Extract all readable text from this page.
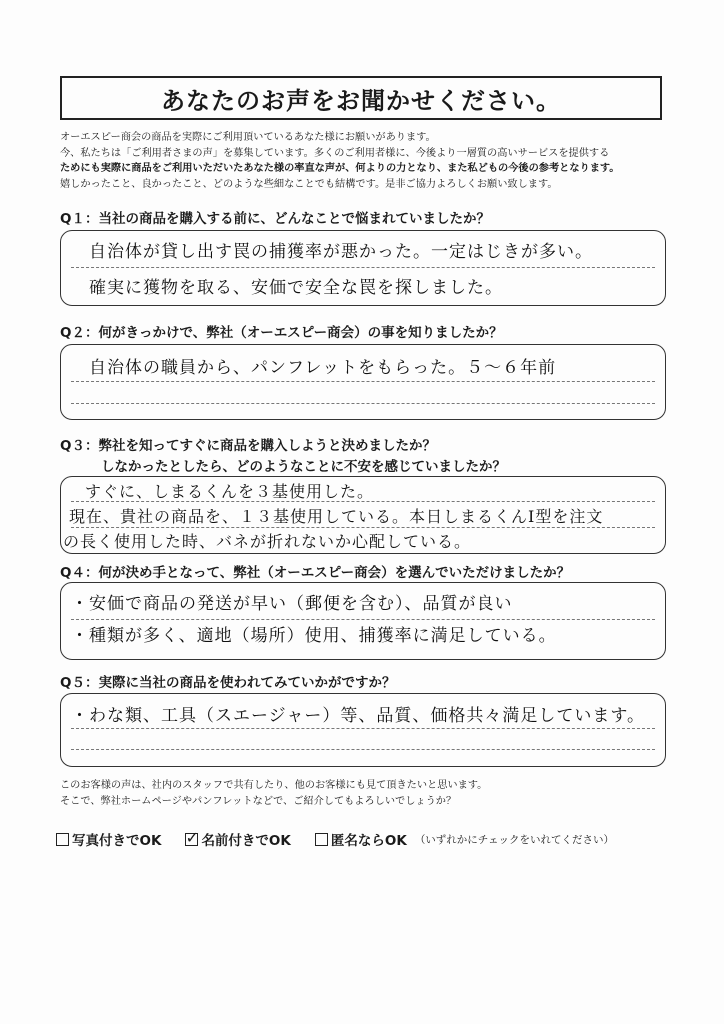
あなたのお声をお聞かせください。
オーエスピー商会の商品を実際にご利用頂いているあなた様にお願いがあります。
今、私たちは「ご利用者さまの声」を募集しています。多くのご利用者様に、今後より一層質の高いサービスを提供する
ためにも実際に商品をご利用いただいたあなた様の率直な声が、何よりの力となり、また私どもの今後の参考となります。
嬉しかったこと、良かったこと、どのような些細なことでも結構です。是非ご協力よろしくお願い致します。
Q１：当社の商品を購入する前に、どんなことで悩まれていましたか？
自治体が貸し出す罠の捕獲率が悪かった。一定はじきが多い。
確実に獲物を取る、安価で安全な罠を探しました。
Q２：何がきっかけで、弊社（オーエスピー商会）の事を知りましたか？
自治体の職員から、パンフレットをもらった。５〜６年前
Q３：弊社を知ってすぐに商品を購入しようと決めましたか？
しなかったとしたら、どのようなことに不安を感じていましたか？
すぐに、しまるくんを３基使用した。
現在、貴社の商品を、１３基使用している。本日しまるくんⅠ型を注文
の長く使用した時、バネが折れないか心配している。
Q４：何が決め手となって、弊社（オーエスピー商会）を選んでいただけましたか？
・安価で商品の発送が早い（郵便を含む）、品質が良い
・種類が多く、適地（場所）使用、捕獲率に満足している。
Q５：実際に当社の商品を使われてみていかがですか？
・わな類、工具（スエージャー）等、品質、価格共々満足しています。
このお客様の声は、社内のスタッフで共有したり、他のお客様にも見て頂きたいと思います。
そこで、弊社ホームページやパンフレットなどで、ご紹介してもよろしいでしょうか？
写真付きでOK ✓ 名前付きでOK	匿名ならOK （いずれかにチェックをいれてください）
